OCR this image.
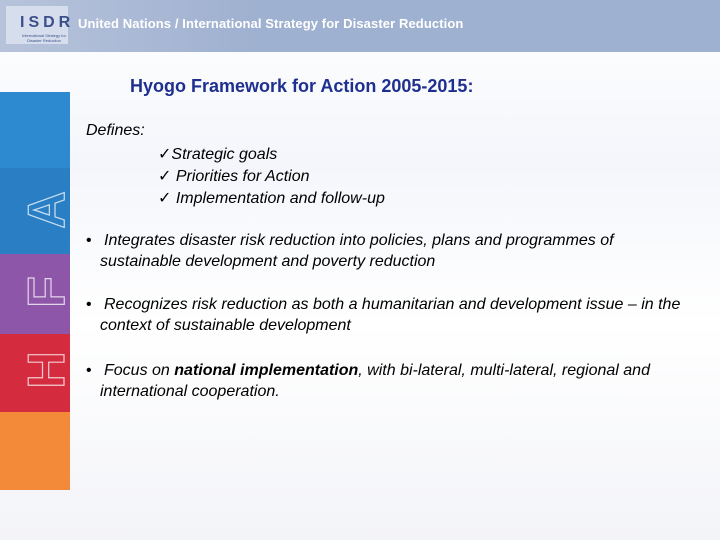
ISDR
International Strategy for Disaster Reduction
United Nations / International Strategy for Disaster Reduction
A
F
H
Hyogo Framework for Action 2005-2015:
Defines:
✓Strategic goals
✓ Priorities for Action
✓ Implementation and follow-up
• Integrates disaster risk reduction into policies, plans and programmes of sustainable development and poverty reduction
• Recognizes risk reduction as both a humanitarian and development issue – in the context of sustainable development
• Focus on national implementation, with bi-lateral, multi-lateral, regional and international cooperation.
